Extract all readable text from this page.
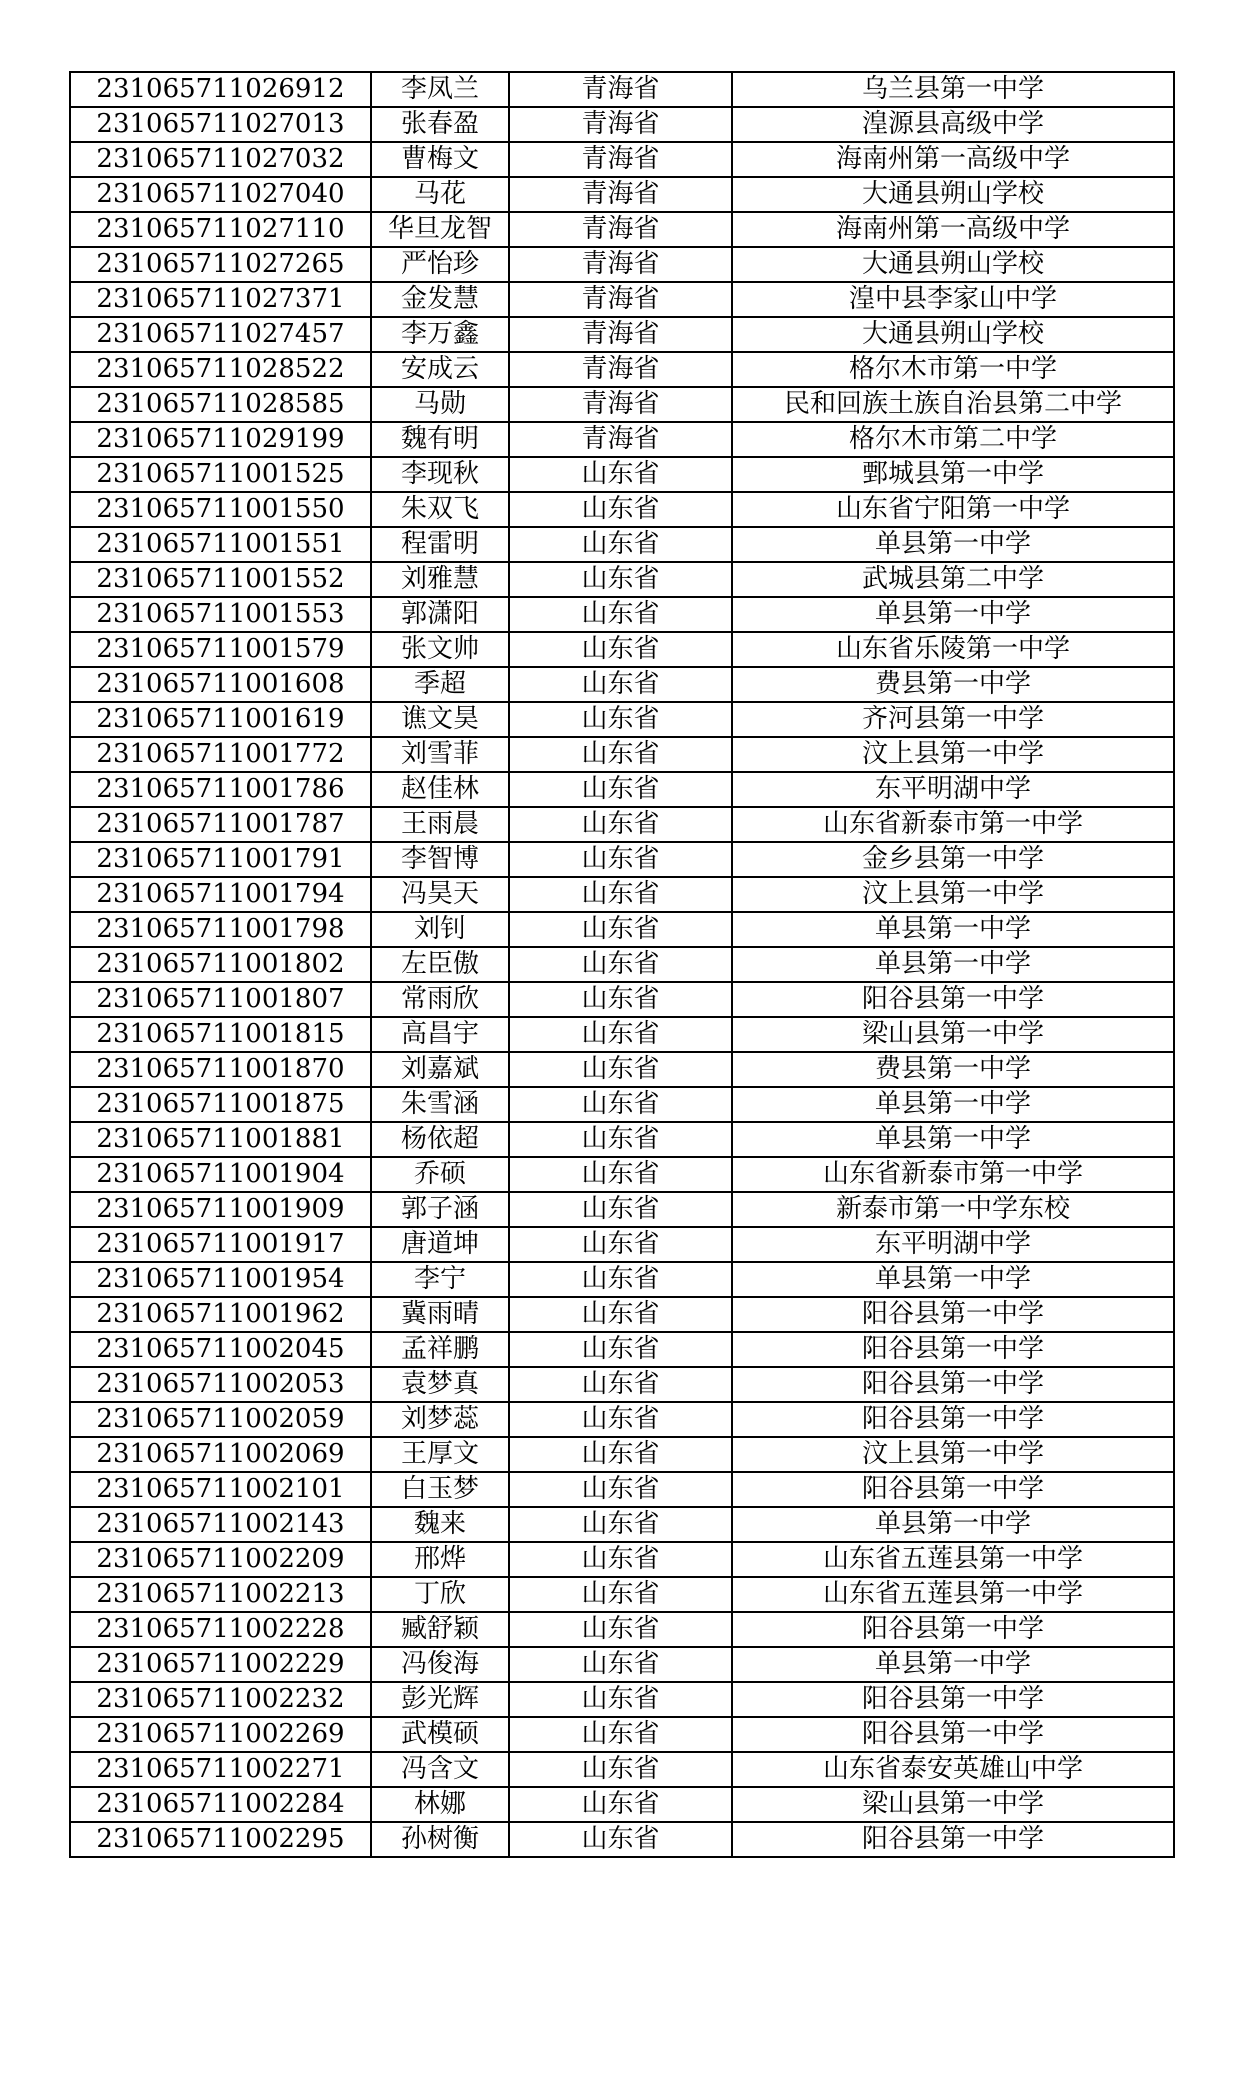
231065711026912	李凤兰	青海省	乌兰县第一中学
231065711027013	张春盈	青海省	湟源县高级中学
231065711027032	曹梅文	青海省	海南州第一高级中学
231065711027040	马花	青海省	大通县朔山学校
231065711027110	华旦龙智	青海省	海南州第一高级中学
231065711027265	严怡珍	青海省	大通县朔山学校
231065711027371	金发慧	青海省	湟中县李家山中学
231065711027457	李万鑫	青海省	大通县朔山学校
231065711028522	安成云	青海省	格尔木市第一中学
231065711028585	马勋	青海省	民和回族土族自治县第二中学
231065711029199	魏有明	青海省	格尔木市第二中学
231065711001525	李现秋	山东省	鄄城县第一中学
231065711001550	朱双飞	山东省	山东省宁阳第一中学
231065711001551	程雷明	山东省	单县第一中学
231065711001552	刘雅慧	山东省	武城县第二中学
231065711001553	郭潇阳	山东省	单县第一中学
231065711001579	张文帅	山东省	山东省乐陵第一中学
231065711001608	季超	山东省	费县第一中学
231065711001619	谯文昊	山东省	齐河县第一中学
231065711001772	刘雪菲	山东省	汶上县第一中学
231065711001786	赵佳林	山东省	东平明湖中学
231065711001787	王雨晨	山东省	山东省新泰市第一中学
231065711001791	李智博	山东省	金乡县第一中学
231065711001794	冯昊天	山东省	汶上县第一中学
231065711001798	刘钊	山东省	单县第一中学
231065711001802	左臣傲	山东省	单县第一中学
231065711001807	常雨欣	山东省	阳谷县第一中学
231065711001815	高昌宇	山东省	梁山县第一中学
231065711001870	刘嘉斌	山东省	费县第一中学
231065711001875	朱雪涵	山东省	单县第一中学
231065711001881	杨依超	山东省	单县第一中学
231065711001904	乔硕	山东省	山东省新泰市第一中学
231065711001909	郭子涵	山东省	新泰市第一中学东校
231065711001917	唐道坤	山东省	东平明湖中学
231065711001954	李宁	山东省	单县第一中学
231065711001962	冀雨晴	山东省	阳谷县第一中学
231065711002045	孟祥鹏	山东省	阳谷县第一中学
231065711002053	袁梦真	山东省	阳谷县第一中学
231065711002059	刘梦蕊	山东省	阳谷县第一中学
231065711002069	王厚文	山东省	汶上县第一中学
231065711002101	白玉梦	山东省	阳谷县第一中学
231065711002143	魏来	山东省	单县第一中学
231065711002209	邢烨	山东省	山东省五莲县第一中学
231065711002213	丁欣	山东省	山东省五莲县第一中学
231065711002228	臧舒颖	山东省	阳谷县第一中学
231065711002229	冯俊海	山东省	单县第一中学
231065711002232	彭光辉	山东省	阳谷县第一中学
231065711002269	武模硕	山东省	阳谷县第一中学
231065711002271	冯含文	山东省	山东省泰安英雄山中学
231065711002284	林娜	山东省	梁山县第一中学
231065711002295	孙树衡	山东省	阳谷县第一中学
